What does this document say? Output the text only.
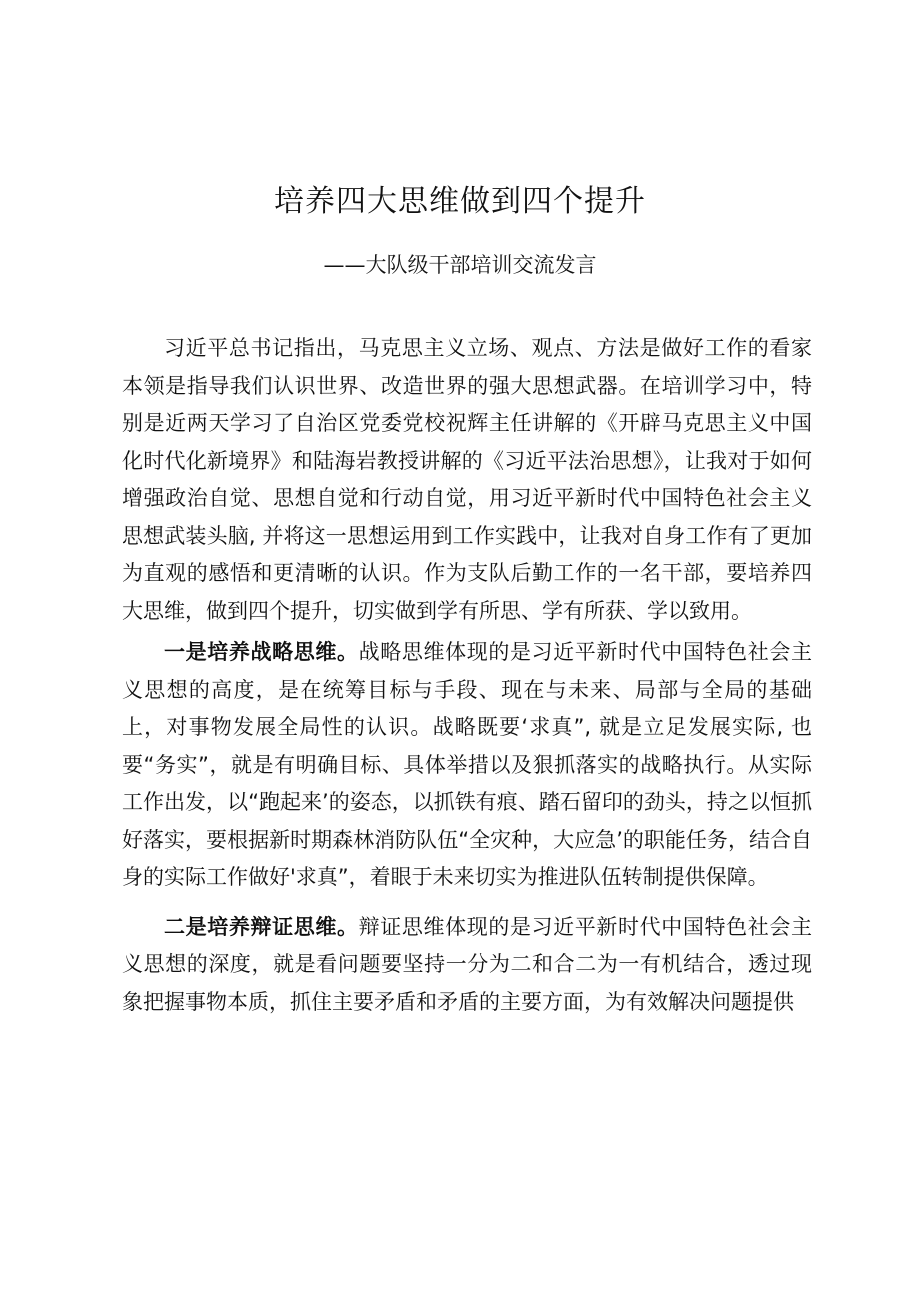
培养四大思维做到四个提升
——大队级干部培训交流发言

习近平总书记指出，马克思主义立场、观点、方法是做好工作的看家本领是指导我们认识世界、改造世界的强大思想武器。在培训学习中，特别是近两天学习了自治区党委党校祝辉主任讲解的《开辟马克思主义中国化时代化新境界》和陆海岩教授讲解的《习近平法治思想》，让我对于如何增强政治自觉、思想自觉和行动自觉，用习近平新时代中国特色社会主义思想武装头脑, 并将这一思想运用到工作实践中，让我对自身工作有了更加为直观的感悟和更清晰的认识。作为支队后勤工作的一名干部，要培养四大思维，做到四个提升，切实做到学有所思、学有所获、学以致用。

一是培养战略思维。战略思维体现的是习近平新时代中国特色社会主义思想的高度，是在统筹目标与手段、现在与未来、局部与全局的基础上，对事物发展全局性的认识。战略既要‘求真”, 就是立足发展实际, 也要“务实”，就是有明确目标、具体举措以及狠抓落实的战略执行。从实际工作出发，以“跑起来’的姿态，以抓铁有痕、踏石留印的劲头，持之以恒抓好落实，要根据新时期森林消防队伍“全灾种，大应急’的职能任务，结合自身的实际工作做好'求真”，着眼于未来切实为推进队伍转制提供保障。

二是培养辩证思维。辩证思维体现的是习近平新时代中国特色社会主义思想的深度，就是看问题要坚持一分为二和合二为一有机结合，透过现象把握事物本质，抓住主要矛盾和矛盾的主要方面，为有效解决问题提供
